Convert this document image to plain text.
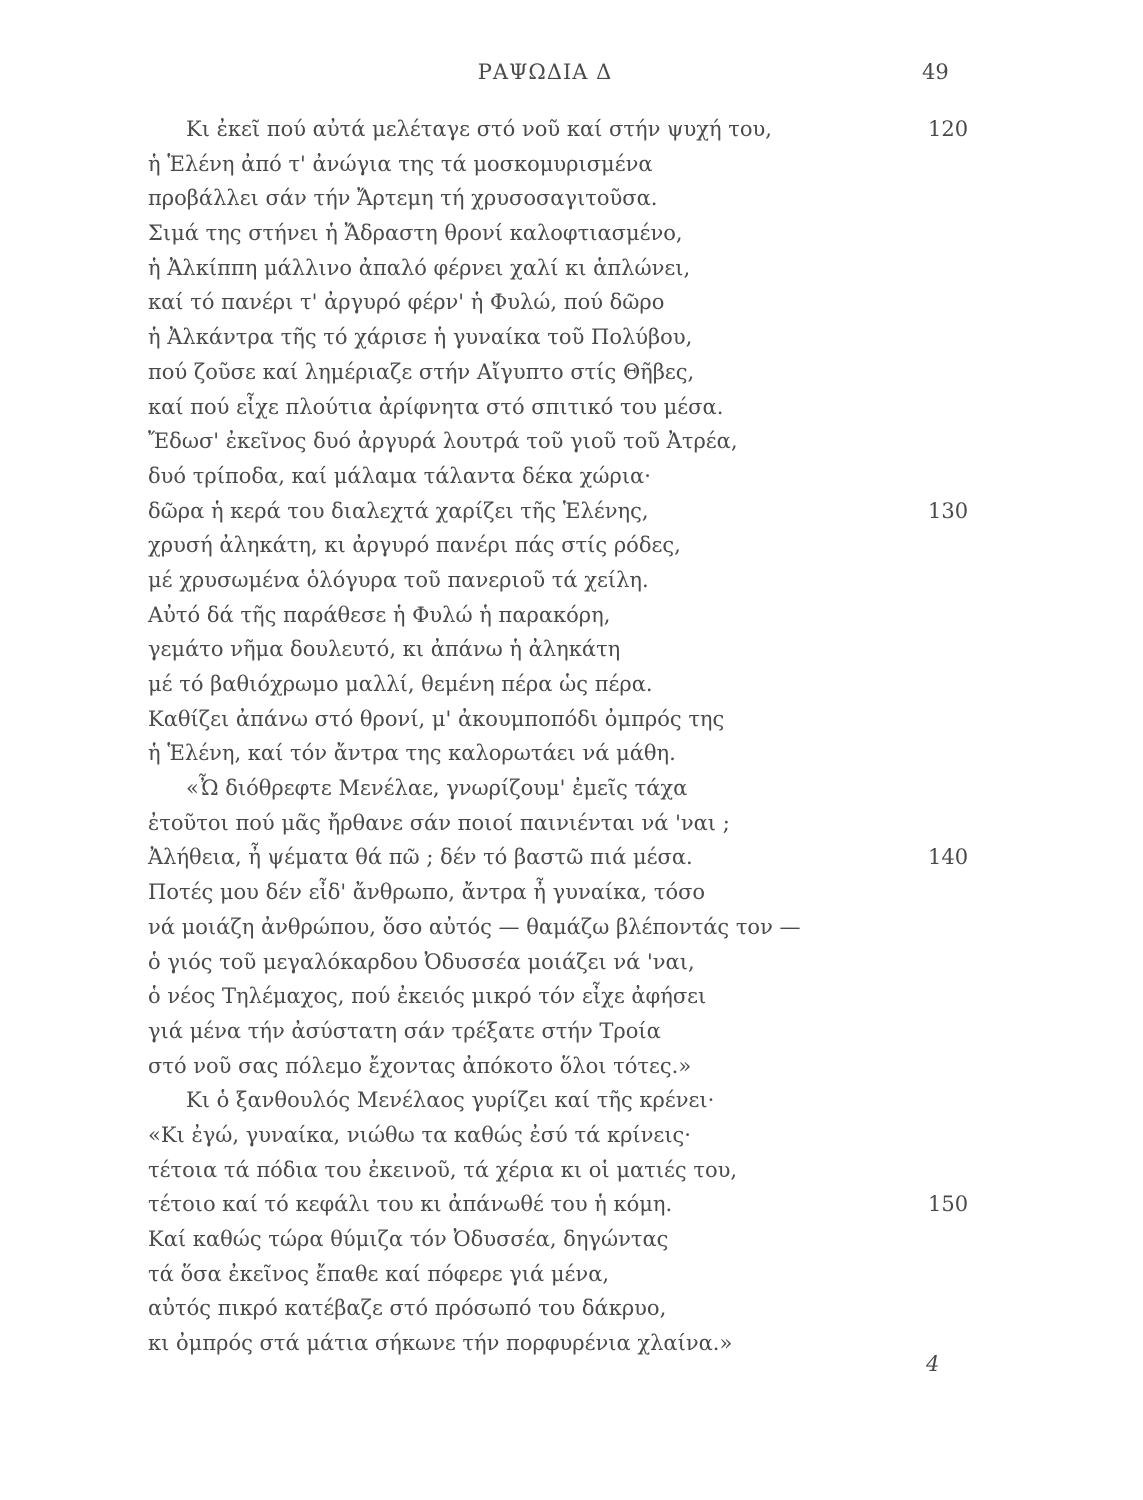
ΡΑΨΩΔΙΑ Δ	49
Κι ἐκεῖ πού αὐτά μελέταγε στό νοῦ καί στήν ψυχή του,	120
ἡ Ἑλένη ἀπό τ' ἀνώγια της τά μοσκομυρισμένα
προβάλλει σάν τήν Ἄρτεμη τή χρυσοσαγιτοῦσα.
Σιμά της στήνει ἡ Ἄδραστη θρονί καλοφτιασμένο,
ἡ Ἀλκίππη μάλλινο ἀπαλό φέρνει χαλί κι ἁπλώνει,
καί τό πανέρι τ' ἀργυρό φέρν' ἡ Φυλώ, πού δῶρο
ἡ Ἀλκάντρα τῆς τό χάρισε ἡ γυναίκα τοῦ Πολύβου,
πού ζοῦσε καί λημέριαζε στήν Αἴγυπτο στίς Θῆβες,
καί πού εἶχε πλούτια ἀρίφνητα στό σπιτικό του μέσα.
Ἔδωσ' ἐκεῖνος δυό ἀργυρά λουτρά τοῦ γιοῦ τοῦ Ἀτρέα,
δυό τρίποδα, καί μάλαμα τάλαντα δέκα χώρια·
δῶρα ἡ κερά του διαλεχτά χαρίζει τῆς Ἑλένης,	130
χρυσή ἀληκάτη, κι ἀργυρό πανέρι πάς στίς ρόδες,
μέ χρυσωμένα ὁλόγυρα τοῦ πανεριοῦ τά χείλη.
Αὐτό δά τῆς παράθεσε ἡ Φυλώ ἡ παρακόρη,
γεμάτο νῆμα δουλευτό, κι ἀπάνω ἡ ἀληκάτη
μέ τό βαθιόχρωμο μαλλί, θεμένη πέρα ὡς πέρα.
Καθίζει ἀπάνω στό θρονί, μ' ἀκουμποπόδι ὀμπρός της
ἡ Ἑλένη, καί τόν ἄντρα της καλορωτάει νά μάθη.
«Ὦ διόθρεφτε Μενέλαε, γνωρίζουμ' ἐμεῖς τάχα
ἐτοῦτοι πού μᾶς ἤρθανε σάν ποιοί παινιένται νά 'ναι ;
Ἀλήθεια, ἦ ψέματα θά πῶ ; δέν τό βαστῶ πιά μέσα.	140
Ποτές μου δέν εἶδ' ἄνθρωπο, ἄντρα ἦ γυναίκα, τόσο
νά μοιάζη ἀνθρώπου, ὅσο αὐτός — θαμάζω βλέποντάς τον —
ὁ γιός τοῦ μεγαλόκαρδου Ὀδυσσέα μοιάζει νά 'ναι,
ὁ νέος Τηλέμαχος, πού ἐκειός μικρό τόν εἶχε ἀφήσει
γιά μένα τήν ἀσύστατη σάν τρέξατε στήν Τροία
στό νοῦ σας πόλεμο ἔχοντας ἀπόκοτο ὅλοι τότες.»
Κι ὁ ξανθουλός Μενέλαος γυρίζει καί τῆς κρένει·
«Κι ἐγώ, γυναίκα, νιώθω τα καθώς ἐσύ τά κρίνεις·
τέτοια τά πόδια του ἐκεινοῦ, τά χέρια κι οἱ ματιές του,
τέτοιο καί τό κεφάλι του κι ἀπάνωθέ του ἡ κόμη.	150
Καί καθώς τώρα θύμιζα τόν Ὀδυσσέα, δηγώντας
τά ὅσα ἐκεῖνος ἔπαθε καί πόφερε γιά μένα,
αὐτός πικρό κατέβαζε στό πρόσωπό του δάκρυο,
κι ὀμπρός στά μάτια σήκωνε τήν πορφυρένια χλαίνα.»
4
